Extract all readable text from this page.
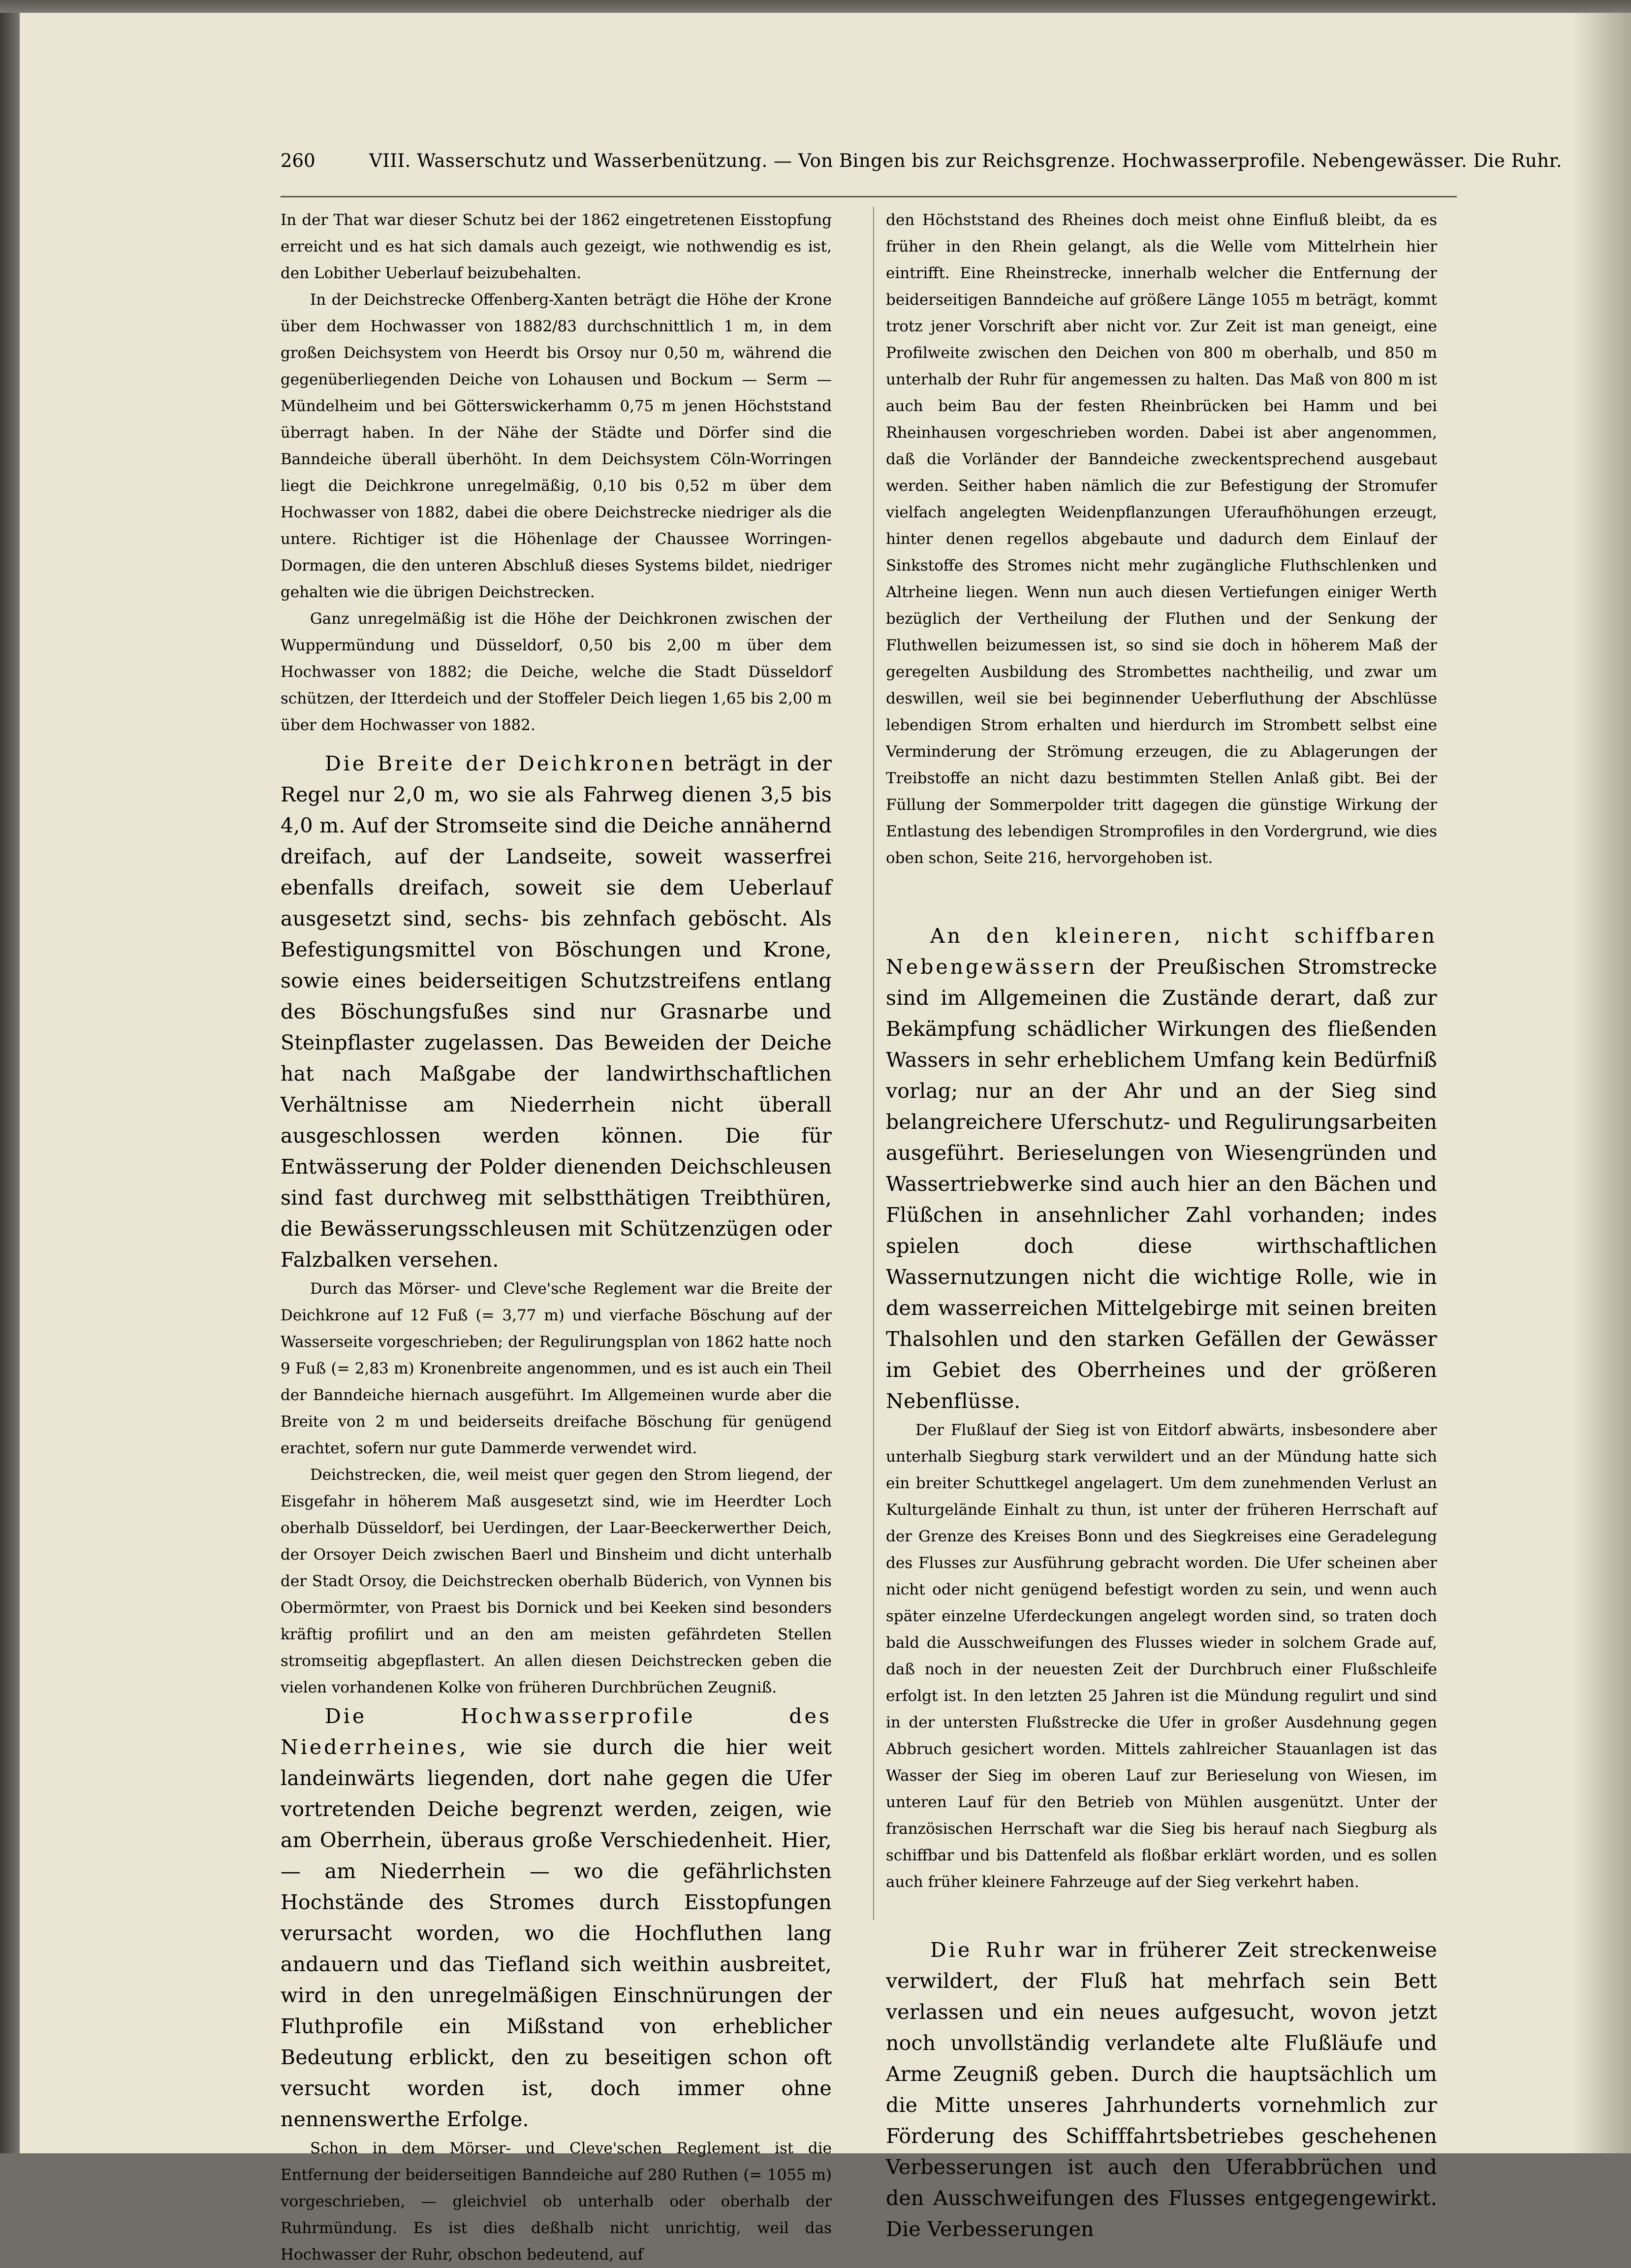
260	VIII. Wasserschutz und Wasserbenützung. — Von Bingen bis zur Reichsgrenze. Hochwasserprofile. Nebengewässer. Die Ruhr.

In der That war dieser Schutz bei der 1862 eingetretenen Eisstopfung erreicht und es hat sich damals auch gezeigt, wie nothwendig es ist, den Lobither Ueberlauf beizubehalten.

In der Deichstrecke Offenberg-Xanten beträgt die Höhe der Krone über dem Hochwasser von 1882/83 durchschnittlich 1 m, in dem großen Deichsystem von Heerdt bis Orsoy nur 0,50 m, während die gegenüberliegenden Deiche von Lohausen und Bockum — Serm — Mündelheim und bei Götterswickerhamm 0,75 m jenen Höchststand überragt haben. In der Nähe der Städte und Dörfer sind die Banndeiche überall überhöht. In dem Deichsystem Cöln-Worringen liegt die Deichkrone unregelmäßig, 0,10 bis 0,52 m über dem Hochwasser von 1882, dabei die obere Deichstrecke niedriger als die untere. Richtiger ist die Höhenlage der Chaussee Worringen-Dormagen, die den unteren Abschluß dieses Systems bildet, niedriger gehalten wie die übrigen Deichstrecken.

Ganz unregelmäßig ist die Höhe der Deichkronen zwischen der Wuppermündung und Düsseldorf, 0,50 bis 2,00 m über dem Hochwasser von 1882; die Deiche, welche die Stadt Düsseldorf schützen, der Itterdeich und der Stoffeler Deich liegen 1,65 bis 2,00 m über dem Hochwasser von 1882.

Die Breite der Deichkronen beträgt in der Regel nur 2,0 m, wo sie als Fahrweg dienen 3,5 bis 4,0 m. Auf der Stromseite sind die Deiche annähernd dreifach, auf der Landseite, soweit wasserfrei ebenfalls dreifach, soweit sie dem Ueberlauf ausgesetzt sind, sechs- bis zehnfach geböscht. Als Befestigungsmittel von Böschungen und Krone, sowie eines beiderseitigen Schutzstreifens entlang des Böschungsfußes sind nur Grasnarbe und Steinpflaster zugelassen. Das Beweiden der Deiche hat nach Maßgabe der landwirthschaftlichen Verhältnisse am Niederrhein nicht überall ausgeschlossen werden können. Die für Entwässerung der Polder dienenden Deichschleusen sind fast durchweg mit selbstthätigen Treibthüren, die Bewässerungsschleusen mit Schützenzügen oder Falzbalken versehen.

Durch das Mörser- und Cleve'sche Reglement war die Breite der Deichkrone auf 12 Fuß (= 3,77 m) und vierfache Böschung auf der Wasserseite vorgeschrieben; der Regulirungsplan von 1862 hatte noch 9 Fuß (= 2,83 m) Kronenbreite angenommen, und es ist auch ein Theil der Banndeiche hiernach ausgeführt. Im Allgemeinen wurde aber die Breite von 2 m und beiderseits dreifache Böschung für genügend erachtet, sofern nur gute Dammerde verwendet wird.

Deichstrecken, die, weil meist quer gegen den Strom liegend, der Eisgefahr in höherem Maß ausgesetzt sind, wie im Heerdter Loch oberhalb Düsseldorf, bei Uerdingen, der Laar-Beeckerwerther Deich, der Orsoyer Deich zwischen Baerl und Binsheim und dicht unterhalb der Stadt Orsoy, die Deichstrecken oberhalb Büderich, von Vynnen bis Obermörmter, von Praest bis Dornick und bei Keeken sind besonders kräftig profilirt und an den am meisten gefährdeten Stellen stromseitig abgepflastert. An allen diesen Deichstrecken geben die vielen vorhandenen Kolke von früheren Durchbrüchen Zeugniß.

Die Hochwasserprofile des Niederrheines, wie sie durch die hier weit landeinwärts liegenden, dort nahe gegen die Ufer vortretenden Deiche begrenzt werden, zeigen, wie am Oberrhein, überaus große Verschiedenheit. Hier, — am Niederrhein — wo die gefährlichsten Hochstände des Stromes durch Eisstopfungen verursacht worden, wo die Hochfluthen lang andauern und das Tiefland sich weithin ausbreitet, wird in den unregelmäßigen Einschnürungen der Fluthprofile ein Mißstand von erheblicher Bedeutung erblickt, den zu beseitigen schon oft versucht worden ist, doch immer ohne nennenswerthe Erfolge.

Schon in dem Mörser- und Cleve'schen Reglement ist die Entfernung der beiderseitigen Banndeiche auf 280 Ruthen (= 1055 m) vorgeschrieben, — gleichviel ob unterhalb oder oberhalb der Ruhrmündung. Es ist dies deßhalb nicht unrichtig, weil das Hochwasser der Ruhr, obschon bedeutend, auf

den Höchststand des Rheines doch meist ohne Einfluß bleibt, da es früher in den Rhein gelangt, als die Welle vom Mittelrhein hier eintrifft. Eine Rheinstrecke, innerhalb welcher die Entfernung der beiderseitigen Banndeiche auf größere Länge 1055 m beträgt, kommt trotz jener Vorschrift aber nicht vor. Zur Zeit ist man geneigt, eine Profilweite zwischen den Deichen von 800 m oberhalb, und 850 m unterhalb der Ruhr für angemessen zu halten. Das Maß von 800 m ist auch beim Bau der festen Rheinbrücken bei Hamm und bei Rheinhausen vorgeschrieben worden. Dabei ist aber angenommen, daß die Vorländer der Banndeiche zweckentsprechend ausgebaut werden. Seither haben nämlich die zur Befestigung der Stromufer vielfach angelegten Weidenpflanzungen Uferaufhöhungen erzeugt, hinter denen regellos abgebaute und dadurch dem Einlauf der Sinkstoffe des Stromes nicht mehr zugängliche Fluthschlenken und Altrheine liegen. Wenn nun auch diesen Vertiefungen einiger Werth bezüglich der Vertheilung der Fluthen und der Senkung der Fluthwellen beizumessen ist, so sind sie doch in höherem Maß der geregelten Ausbildung des Strombettes nachtheilig, und zwar um deswillen, weil sie bei beginnender Ueberfluthung der Abschlüsse lebendigen Strom erhalten und hierdurch im Strombett selbst eine Verminderung der Strömung erzeugen, die zu Ablagerungen der Treibstoffe an nicht dazu bestimmten Stellen Anlaß gibt. Bei der Füllung der Sommerpolder tritt dagegen die günstige Wirkung der Entlastung des lebendigen Stromprofiles in den Vordergrund, wie dies oben schon, Seite 216, hervorgehoben ist.

An den kleineren, nicht schiffbaren Nebengewässern der Preußischen Stromstrecke sind im Allgemeinen die Zustände derart, daß zur Bekämpfung schädlicher Wirkungen des fließenden Wassers in sehr erheblichem Umfang kein Bedürfniß vorlag; nur an der Ahr und an der Sieg sind belangreichere Uferschutz- und Regulirungsarbeiten ausgeführt. Berieselungen von Wiesengründen und Wassertriebwerke sind auch hier an den Bächen und Flüßchen in ansehnlicher Zahl vorhanden; indes spielen doch diese wirthschaftlichen Wassernutzungen nicht die wichtige Rolle, wie in dem wasserreichen Mittelgebirge mit seinen breiten Thalsohlen und den starken Gefällen der Gewässer im Gebiet des Oberrheines und der größeren Nebenflüsse.

Der Flußlauf der Sieg ist von Eitdorf abwärts, insbesondere aber unterhalb Siegburg stark verwildert und an der Mündung hatte sich ein breiter Schuttkegel angelagert. Um dem zunehmenden Verlust an Kulturgelände Einhalt zu thun, ist unter der früheren Herrschaft auf der Grenze des Kreises Bonn und des Siegkreises eine Geradelegung des Flusses zur Ausführung gebracht worden. Die Ufer scheinen aber nicht oder nicht genügend befestigt worden zu sein, und wenn auch später einzelne Uferdeckungen angelegt worden sind, so traten doch bald die Ausschweifungen des Flusses wieder in solchem Grade auf, daß noch in der neuesten Zeit der Durchbruch einer Flußschleife erfolgt ist. In den letzten 25 Jahren ist die Mündung regulirt und sind in der untersten Flußstrecke die Ufer in großer Ausdehnung gegen Abbruch gesichert worden. Mittels zahlreicher Stauanlagen ist das Wasser der Sieg im oberen Lauf zur Berieselung von Wiesen, im unteren Lauf für den Betrieb von Mühlen ausgenützt. Unter der französischen Herrschaft war die Sieg bis herauf nach Siegburg als schiffbar und bis Dattenfeld als floßbar erklärt worden, und es sollen auch früher kleinere Fahrzeuge auf der Sieg verkehrt haben.

Die Ruhr war in früherer Zeit streckenweise verwildert, der Fluß hat mehrfach sein Bett verlassen und ein neues aufgesucht, wovon jetzt noch unvollständig verlandete alte Flußläufe und Arme Zeugniß geben. Durch die hauptsächlich um die Mitte unseres Jahrhunderts vornehmlich zur Förderung des Schifffahrtsbetriebes geschehenen Verbesserungen ist auch den Uferabbrüchen und den Ausschweifungen des Flusses entgegengewirkt. Die Verbesserungen
